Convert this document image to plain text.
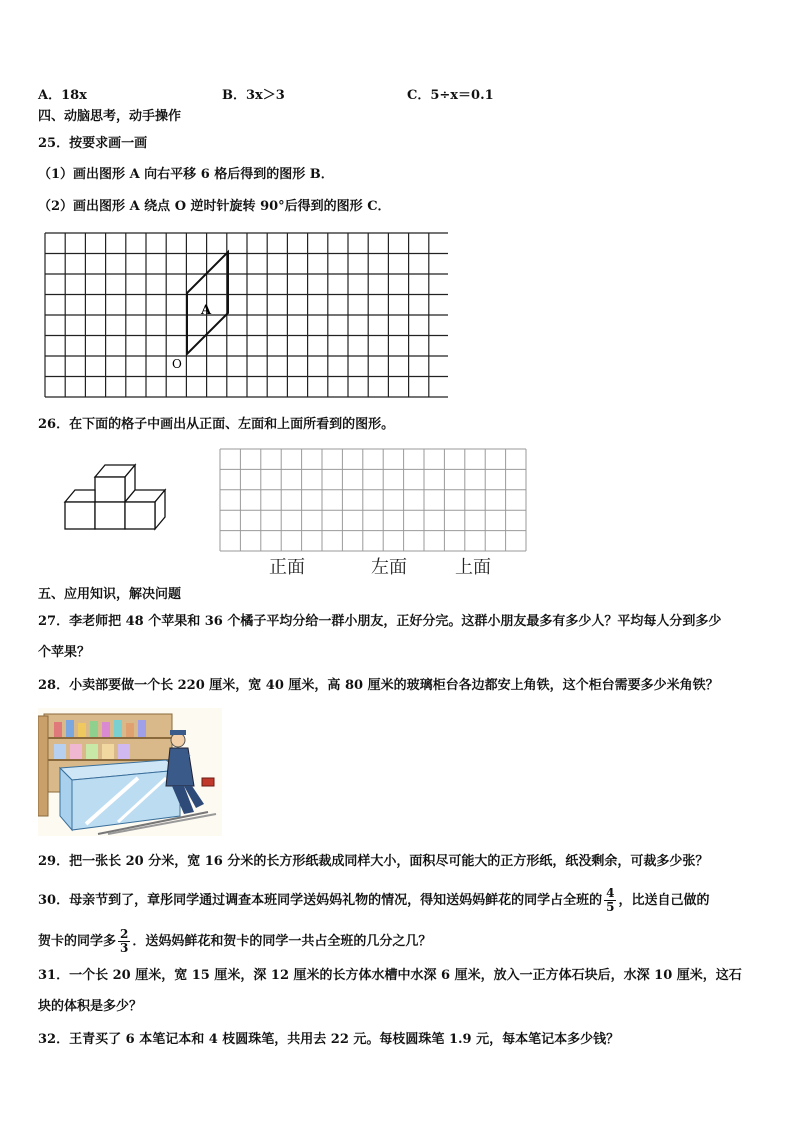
A．18x	B．3x＞3	C．5÷x＝0.1
四、动脑思考，动手操作
25．按要求画一画
（1）画出图形 A 向右平移 6 格后得到的图形 B．
（2）画出图形 A 绕点 O 逆时针旋转 90°后得到的图形 C．
A
O
26．在下面的格子中画出从正面、左面和上面所看到的图形。
正面	左面	上面
五、应用知识，解决问题
27．李老师把 48 个苹果和 36 个橘子平均分给一群小朋友，正好分完。这群小朋友最多有多少人？平均每人分到多少
个苹果？
28．小卖部要做一个长 220 厘米，宽 40 厘米，高 80 厘米的玻璃柜台各边都安上角铁，这个柜台需要多少米角铁？
29．把一张长 20 分米，宽 16 分米的长方形纸裁成同样大小，面积尽可能大的正方形纸，纸没剩余，可裁多少张？
30．母亲节到了，章彤同学通过调查本班同学送妈妈礼物的情况，得知送妈妈鲜花的同学占全班的 $\frac{4}{5}$ ，比送自己做的
贺卡的同学多 $\frac{2}{3}$ ．送妈妈鲜花和贺卡的同学一共占全班的几分之几？
31．一个长 20 厘米，宽 15 厘米，深 12 厘米的长方体水槽中水深 6 厘米，放入一正方体石块后，水深 10 厘米，这石
块的体积是多少？
32．王青买了 6 本笔记本和 4 枝圆珠笔，共用去 22 元。每枝圆珠笔 1.9 元，每本笔记本多少钱？
